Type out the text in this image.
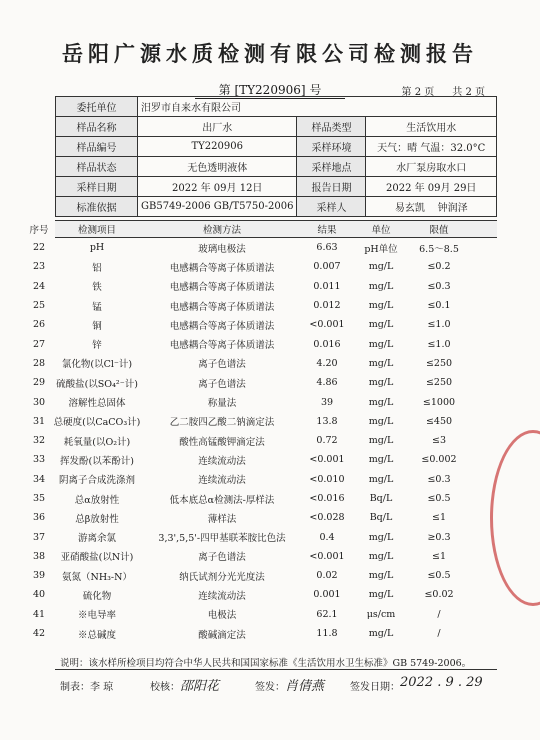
岳阳广源水质检测有限公司检测报告
第 [TY220906] 号	第 2 页 共 2 页
委托单位	汨罗市自来水有限公司		
样品名称	出厂水	样品类型	生活饮用水
样品编号	TY220906	采样环境	天气：晴 气温：32.0°C
样品状态	无色透明液体	采样地点	水厂泵房取水口
采样日期	2022 年 09月 12日	报告日期	2022 年 09月 29日
标准依据	GB5749-2006 GB/T5750-2006	采样人	易玄凯 钟润泽
序号	检测项目	检测方法	结果	单位	限值
22	pH	玻璃电极法	6.63	pH单位	6.5～8.5
23	铝	电感耦合等离子体质谱法	0.007	mg/L	≤0.2
24	铁	电感耦合等离子体质谱法	0.011	mg/L	≤0.3
25	锰	电感耦合等离子体质谱法	0.012	mg/L	≤0.1
26	铜	电感耦合等离子体质谱法	<0.001	mg/L	≤1.0
27	锌	电感耦合等离子体质谱法	0.016	mg/L	≤1.0
28	氯化物(以Cl⁻计)	离子色谱法	4.20	mg/L	≤250
29	硫酸盐(以SO₄²⁻计)	离子色谱法	4.86	mg/L	≤250
30	溶解性总固体	称量法	39	mg/L	≤1000
31 总硬度(以CaCO₃计)	乙二胺四乙酸二钠滴定法	13.8	mg/L	≤450
32	耗氧量(以O₂计)	酸性高锰酸钾滴定法	0.72	mg/L	≤3
33	挥发酚(以苯酚计)	连续流动法	<0.001	mg/L	≤0.002
34	阴离子合成洗涤剂	连续流动法	<0.010	mg/L	≤0.3
35	总α放射性	低本底总α检测法-厚样法	<0.016	Bq/L	≤0.5
36	总β放射性	薄样法	<0.028	Bq/L	≤1
37	游离余氯	3,3',5,5'-四甲基联苯胺比色法	0.4	mg/L	≥0.3
38	亚硝酸盐(以N计)	离子色谱法	<0.001	mg/L	≤1
39	氨氮（NH₃-N）	纳氏试剂分光光度法	0.02	mg/L	≤0.5
40	硫化物	连续流动法	0.001	mg/L	≤0.02
41	※电导率	电极法	62.1	μs/cm	/
42	※总碱度	酸碱滴定法	11.8	mg/L	/
说明：该水样所检项目均符合中华人民共和国国家标准《生活饮用水卫生标准》GB 5749-2006。
制表：李 琼	校核： 邵阳花	签发： 肖倩燕	签发日期： 2022 . 9 . 29
